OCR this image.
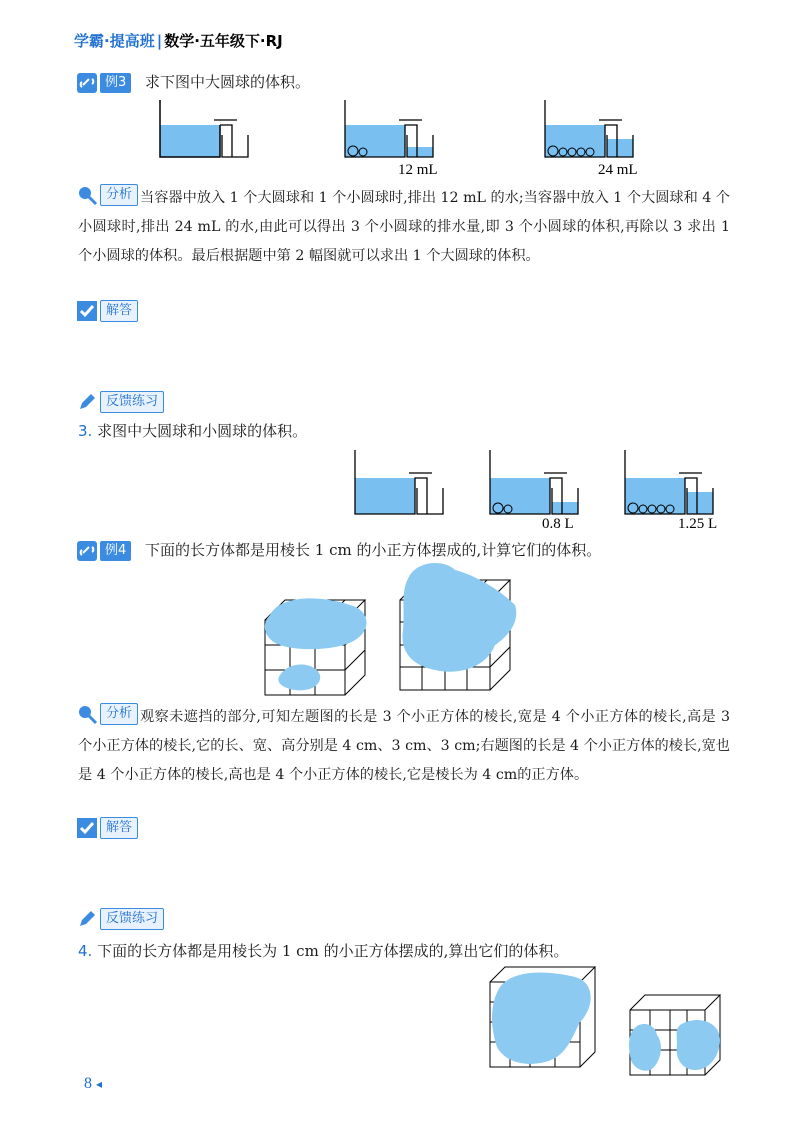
学霸·提高班 | 数学·五年级下·RJ
例3	求下图中大圆球的体积。
12 mL	24 mL
分析 当容器中放入 1 个大圆球和 1 个小圆球时,排出 12 mL 的水;当容器中放入 1 个大圆球和 4 个小圆球时,排出 24 mL 的水,由此可以得出 3 个小圆球的排水量,即 3 个小圆球的体积,再除以 3 求出 1 个小圆球的体积。最后根据题中第 2 幅图就可以求出 1 个大圆球的体积。
解答
反馈练习
3. 求图中大圆球和小圆球的体积。
0.8 L	1.25 L
例4	下面的长方体都是用棱长 1 cm 的小正方体摆成的,计算它们的体积。
分析 观察未遮挡的部分,可知左题图的长是 3 个小正方体的棱长,宽是 4 个小正方体的棱长,高是 3 个小正方体的棱长,它的长、宽、高分别是 4 cm、3 cm、3 cm;右题图的长是 4 个小正方体的棱长,宽也是 4 个小正方体的棱长,高也是 4 个小正方体的棱长,它是棱长为 4 cm的正方体。
解答
反馈练习
4. 下面的长方体都是用棱长为 1 cm 的小正方体摆成的,算出它们的体积。
8 ◂
